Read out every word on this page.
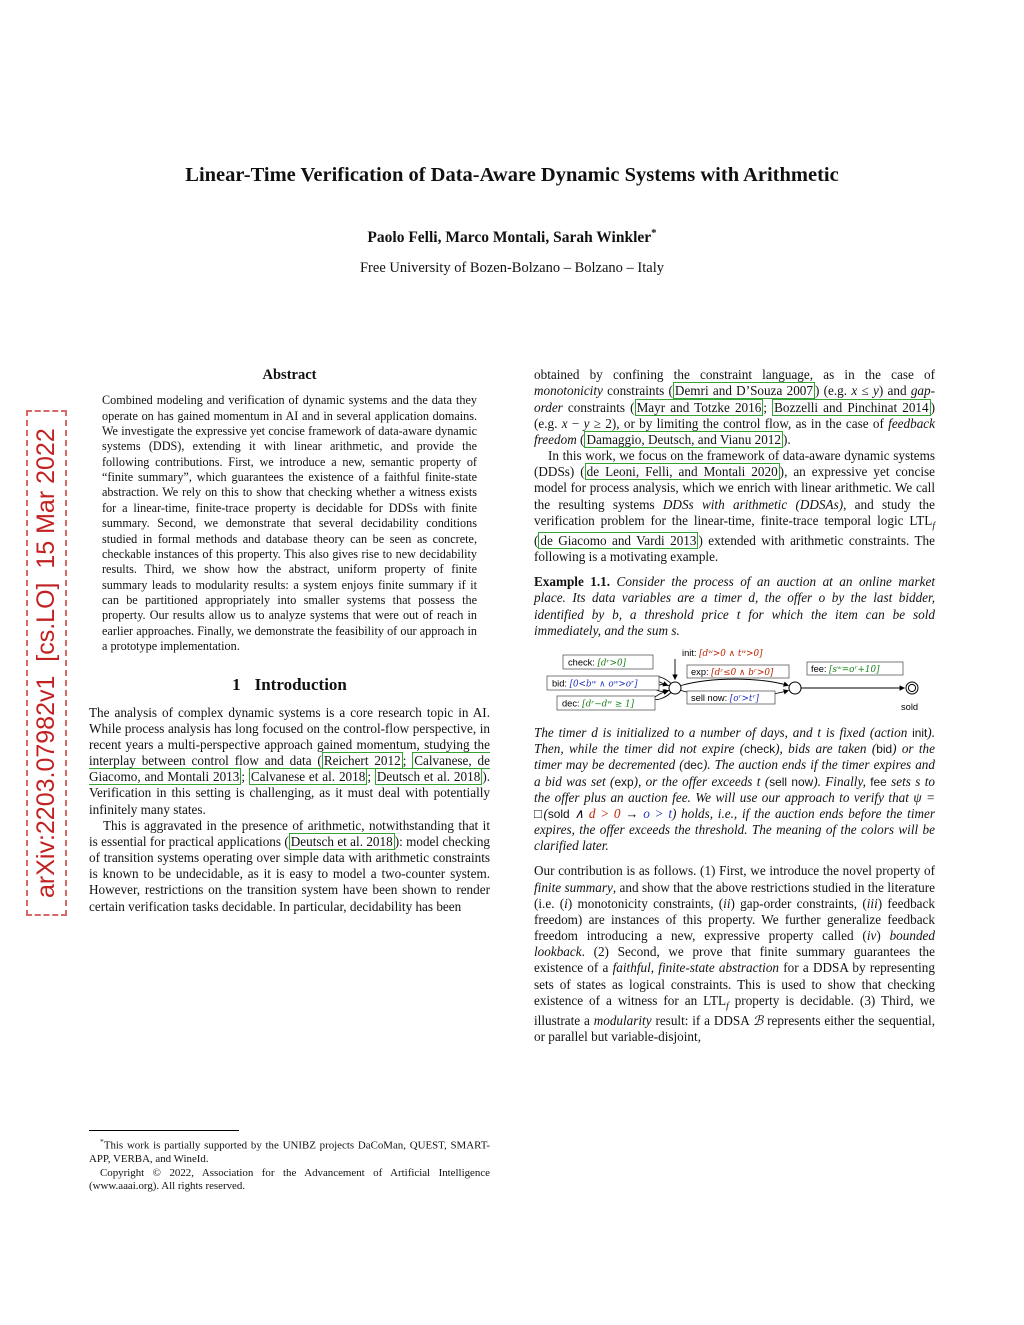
arXiv:2203.07982v1  [cs.LO]  15 Mar 2022
Linear-Time Verification of Data-Aware Dynamic Systems with Arithmetic
Paolo Felli, Marco Montali, Sarah Winkler*
Free University of Bozen-Bolzano – Bolzano – Italy
Abstract
Combined modeling and verification of dynamic systems and the data they operate on has gained momentum in AI and in several application domains. We investigate the expressive yet concise framework of data-aware dynamic systems (DDS), extending it with linear arithmetic, and provide the following contributions. First, we introduce a new, semantic property of “finite summary”, which guarantees the existence of a faithful finite-state abstraction. We rely on this to show that checking whether a witness exists for a linear-time, finite-trace property is decidable for DDSs with finite summary. Second, we demonstrate that several decidability conditions studied in formal methods and database theory can be seen as concrete, checkable instances of this property. This also gives rise to new decidability results. Third, we show how the abstract, uniform property of finite summary leads to modularity results: a system enjoys finite summary if it can be partitioned appropriately into smaller systems that possess the property. Our results allow us to analyze systems that were out of reach in earlier approaches. Finally, we demonstrate the feasibility of our approach in a prototype implementation.
1 Introduction

The analysis of complex dynamic systems is a core research topic in AI. While process analysis has long focused on the control-flow perspective, in recent years a multi-perspective approach gained momentum, studying the interplay between control flow and data ( Reichert 2012 ; Calvanese, de Giacomo, and Montali 2013 ; Calvanese et al. 2018 ; Deutsch et al. 2018 ). Verification in this setting is challenging, as it must deal with potentially infinitely many states.

This is aggravated in the presence of arithmetic, notwithstanding that it is essential for practical applications ( Deutsch et al. 2018 ): model checking of transition systems operating over simple data with arithmetic constraints is known to be undecidable, as it is easy to model a two-counter system. However, restrictions on the transition system have been shown to render certain verification tasks decidable. In particular, decidability has been

*This work is partially supported by the UNIBZ projects DaCoMan, QUEST, SMART-APP, VERBA, and WineId.

Copyright © 2022, Association for the Advancement of Artificial Intelligence (www.aaai.org). All rights reserved.

obtained by confining the constraint language, as in the case of monotonicity constraints ( Demri and D’Souza 2007 ) (e.g. x ≤ y) and gap-order constraints ( Mayr and Totzke 2016 ; Bozzelli and Pinchinat 2014 ) (e.g. x − y ≥ 2), or by limiting the control flow, as in the case of feedback freedom ( Damaggio, Deutsch, and Vianu 2012 ).

In this work, we focus on the framework of data-aware dynamic systems (DDSs) ( de Leoni, Felli, and Montali 2020 ), an expressive yet concise model for process analysis, which we enrich with linear arithmetic. We call the resulting systems DDSs with arithmetic (DDSAs), and study the verification problem for the linear-time, finite-trace temporal logic $LTL_f$ ( de Giacomo and Vardi 2013 ) extended with arithmetic constraints. The following is a motivating example.

Example 1.1. Consider the process of an auction at an online market place. Its data variables are a timer d, the offer o by the last bidder, identified by b, a threshold price t for which the item can be sold immediately, and the sum s.

init: [dʷ>0 ∧ tʷ>0]
check: [dʳ>0]
bid: [0<bʷ ∧ oʷ>oʳ]
dec: [dʳ−dʷ ≥ 1]
exp: [dʳ≤0 ∧ bʳ>0]
sell now: [oʳ>tʳ]
fee: [sʷ=oʳ+10]
sold

The timer d is initialized to a number of days, and t is fixed (action init). Then, while the timer did not expire (check), bids are taken (bid) or the timer may be decremented (dec). The auction ends if the timer expires and a bid was set (exp), or the offer exceeds t (sell now). Finally, fee sets s to the offer plus an auction fee. We will use our approach to verify that ψ = □(sold ∧ d > 0 → o > t) holds, i.e., if the auction ends before the timer expires, the offer exceeds the threshold. The meaning of the colors will be clarified later.

Our contribution is as follows. (1) First, we introduce the novel property of finite summary, and show that the above restrictions studied in the literature (i.e. (i) monotonicity constraints, (ii) gap-order constraints, (iii) feedback freedom) are instances of this property. We further generalize feedback freedom introducing a new, expressive property called (iv) bounded lookback. (2) Second, we prove that finite summary guarantees the existence of a faithful, finite-state abstraction for a DDSA by representing sets of states as logical constraints. This is used to show that checking existence of a witness for an $LTL_f$ property is decidable. (3) Third, we illustrate a modularity result: if a DDSA ℬ represents either the sequential, or parallel but variable-disjoint,
